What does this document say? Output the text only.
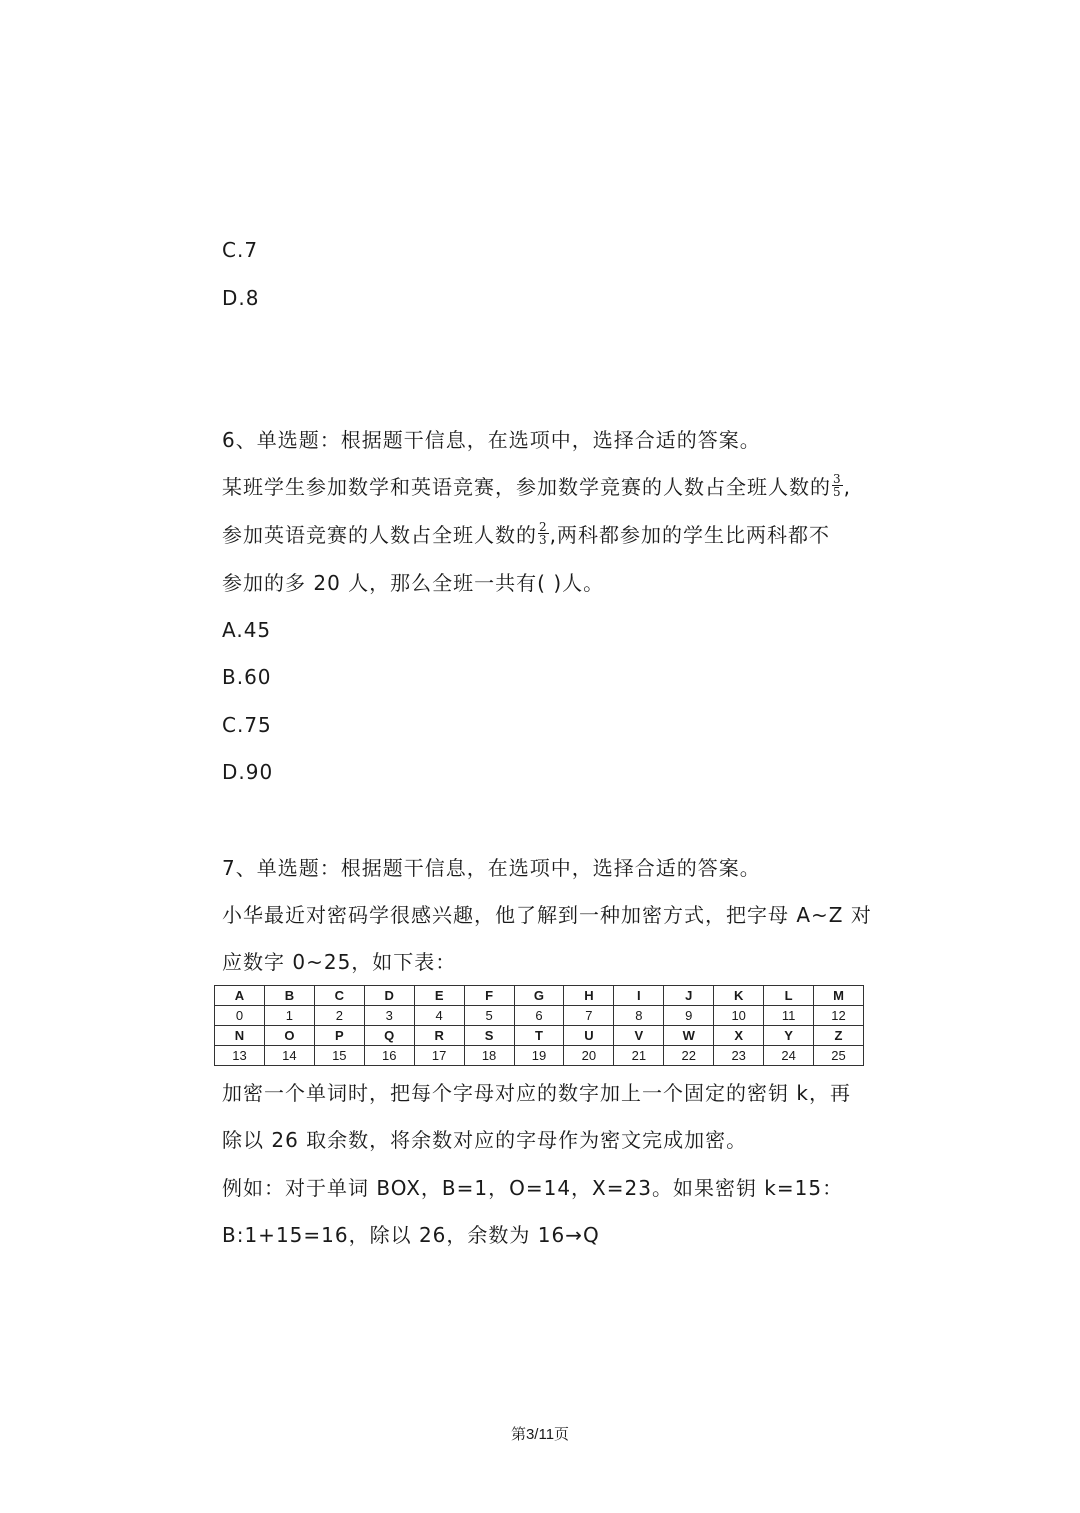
C.7
D.8
6、单选题：根据题干信息，在选项中，选择合适的答案。
某班学生参加数学和英语竞赛，参加数学竞赛的人数占全班人数的 $\frac{3}{5}$ ,
参加英语竞赛的人数占全班人数的 $\frac{2}{3}$ ,两科都参加的学生比两科都不
参加的多 20 人，那么全班一共有( )人。
A.45
B.60
C.75
D.90
7、单选题：根据题干信息，在选项中，选择合适的答案。
小华最近对密码学很感兴趣，他了解到一种加密方式，把字母 A~Z 对
应数字 0~25，如下表：
A	B	C	D	E	F	G	H	I	J	K	L	M
0	1	2	3	4	5	6	7	8	9	10	11	12
N	O	P	Q	R	S	T	U	V	W	X	Y	Z
13	14	15	16	17	18	19	20	21	22	23	24	25
加密一个单词时，把每个字母对应的数字加上一个固定的密钥 k，再
除以 26 取余数，将余数对应的字母作为密文完成加密。
例如：对于单词 BOX，B=1，O=14，X=23。如果密钥 k=15：
B:1+15=16，除以 26，余数为 16→Q
第3/11页
